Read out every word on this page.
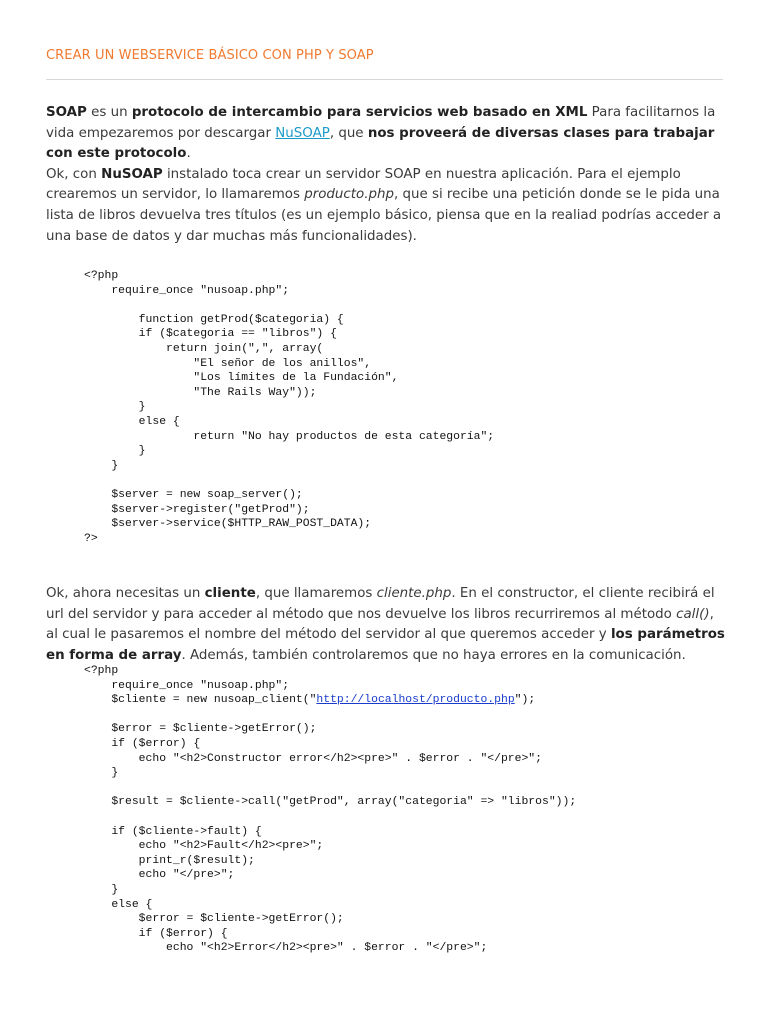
CREAR UN WEBSERVICE BÁSICO CON PHP Y SOAP
SOAP es un protocolo de intercambio para servicios web basado en XML Para facilitarnos la vida empezaremos por descargar NuSOAP, que nos proveerá de diversas clases para trabajar con este protocolo.
Ok, con NuSOAP instalado toca crear un servidor SOAP en nuestra aplicación. Para el ejemplo crearemos un servidor, lo llamaremos producto.php, que si recibe una petición donde se le pida una lista de libros devuelva tres títulos (es un ejemplo básico, piensa que en la realiad podrías acceder a una base de datos y dar muchas más funcionalidades).
<?php
require_once "nusoap.php";
function getProd($categoria) {
if ($categoria == "libros") {
return join(",", array(
"El señor de los anillos",
"Los límites de la Fundación",
"The Rails Way"));
}
else {
return "No hay productos de esta categoría";
}
}
$server = new soap_server();
$server->register("getProd");
$server->service($HTTP_RAW_POST_DATA);
?>
Ok, ahora necesitas un cliente, que llamaremos cliente.php. En el constructor, el cliente recibirá el url del servidor y para acceder al método que nos devuelve los libros recurriremos al método call(), al cual le pasaremos el nombre del método del servidor al que queremos acceder y los parámetros en forma de array. Además, también controlaremos que no haya errores en la comunicación.
<?php
require_once "nusoap.php";
$cliente = new nusoap_client("http://localhost/producto.php");
$error = $cliente->getError();
if ($error) {
echo "<h2>Constructor error</h2><pre>" . $error . "</pre>";
}
$result = $cliente->call("getProd", array("categoria" => "libros"));
if ($cliente->fault) {
echo "<h2>Fault</h2><pre>";
print_r($result);
echo "</pre>";
}
else {
$error = $cliente->getError();
if ($error) {
echo "<h2>Error</h2><pre>" . $error . "</pre>";
